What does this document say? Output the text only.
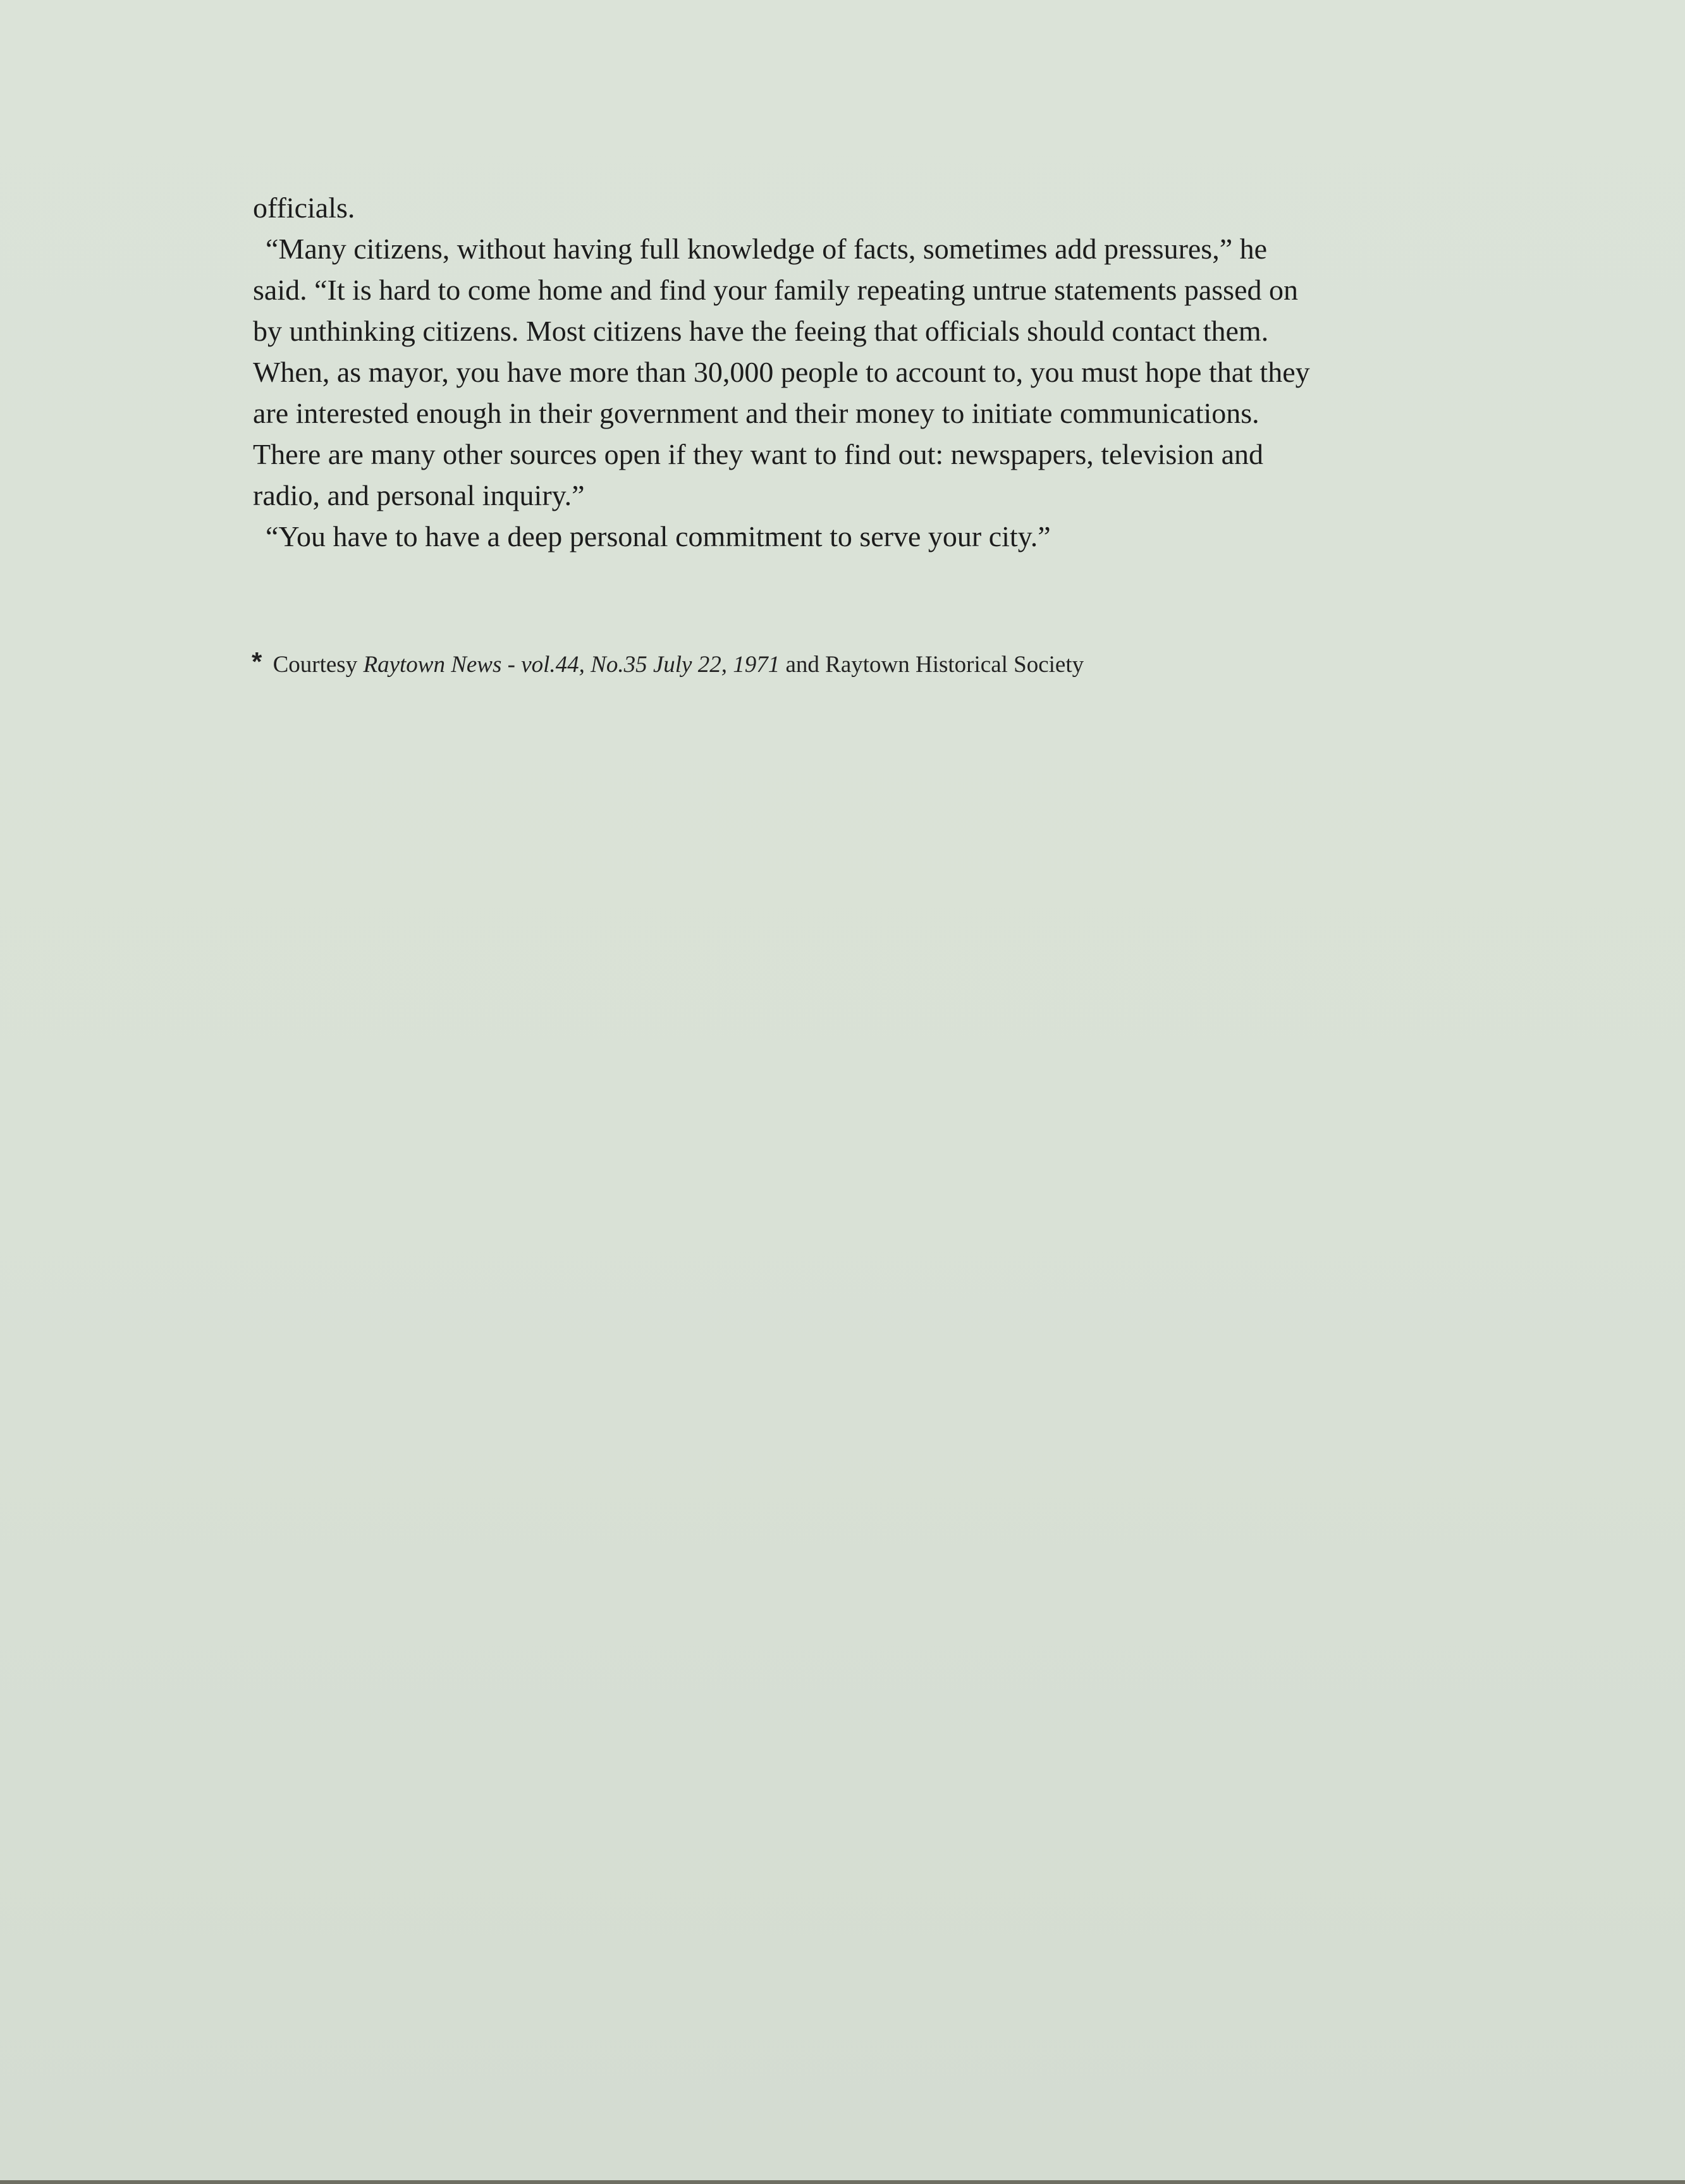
officials.
“Many citizens, without having full knowledge of facts, sometimes add pressures,” he
said. “It is hard to come home and find your family repeating untrue statements passed on
by unthinking citizens. Most citizens have the feeing that officials should contact them.
When, as mayor, you have more than 30,000 people to account to, you must hope that they
are interested enough in their government and their money to initiate communications.
There are many other sources open if they want to find out: newspapers, television and
radio, and personal inquiry.”
“You have to have a deep personal commitment to serve your city.”
* Courtesy Raytown News - vol.44, No.35 July 22, 1971 and Raytown Historical Society
